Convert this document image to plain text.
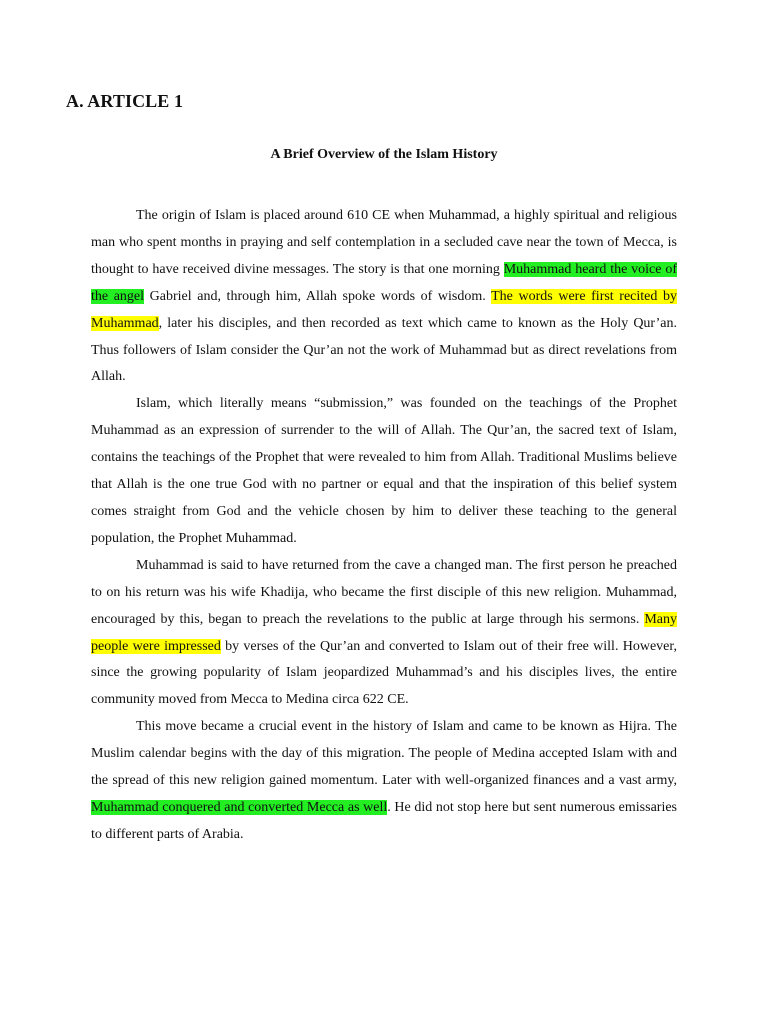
A. ARTICLE 1
A Brief Overview of the Islam History

The origin of Islam is placed around 610 CE when Muhammad, a highly spiritual and religious man who spent months in praying and self contemplation in a secluded cave near the town of Mecca, is thought to have received divine messages. The story is that one morning Muhammad heard the voice of the angel Gabriel and, through him, Allah spoke words of wisdom. The words were first recited by Muhammad, later his disciples, and then recorded as text which came to known as the Holy Qur’an. Thus followers of Islam consider the Qur’an not the work of Muhammad but as direct revelations from Allah.

Islam, which literally means “submission,” was founded on the teachings of the Prophet Muhammad as an expression of surrender to the will of Allah. The Qur’an, the sacred text of Islam, contains the teachings of the Prophet that were revealed to him from Allah. Traditional Muslims believe that Allah is the one true God with no partner or equal and that the inspiration of this belief system comes straight from God and the vehicle chosen by him to deliver these teaching to the general population, the Prophet Muhammad.

Muhammad is said to have returned from the cave a changed man. The first person he preached to on his return was his wife Khadija, who became the first disciple of this new religion. Muhammad, encouraged by this, began to preach the revelations to the public at large through his sermons. Many people were impressed by verses of the Qur’an and converted to Islam out of their free will. However, since the growing popularity of Islam jeopardized Muhammad’s and his disciples lives, the entire community moved from Mecca to Medina circa 622 CE.

This move became a crucial event in the history of Islam and came to be known as Hijra. The Muslim calendar begins with the day of this migration. The people of Medina accepted Islam with and the spread of this new religion gained momentum. Later with well-organized finances and a vast army, Muhammad conquered and converted Mecca as well. He did not stop here but sent numerous emissaries to different parts of Arabia.
